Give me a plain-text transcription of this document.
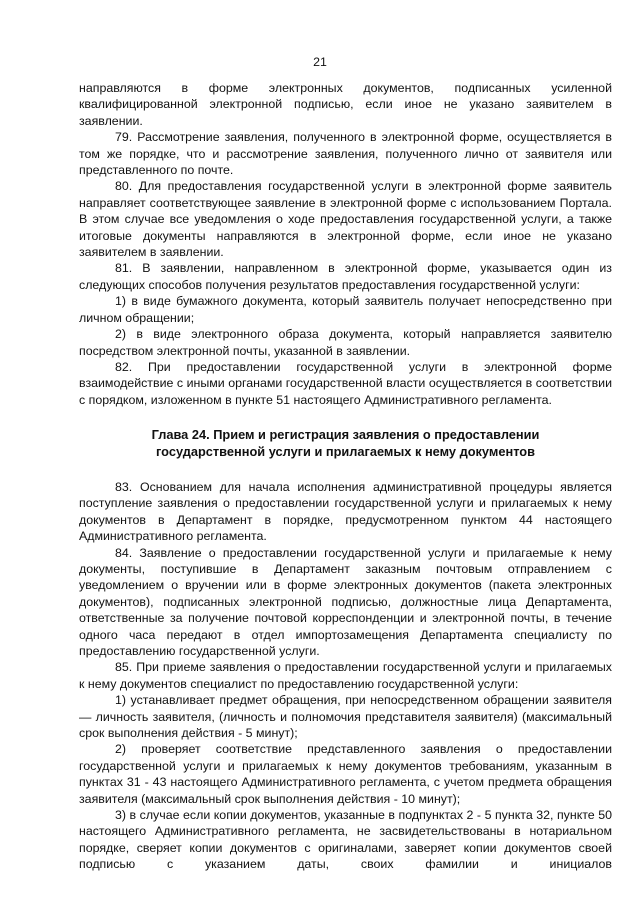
21

направляются в форме электронных документов, подписанных усиленной квалифицированной электронной подписью, если иное не указано заявителем в заявлении.

79. Рассмотрение заявления, полученного в электронной форме, осуществляется в том же порядке, что и рассмотрение заявления, полученного лично от заявителя или представленного по почте.

80. Для предоставления государственной услуги в электронной форме заявитель направляет соответствующее заявление в электронной форме с использованием Портала. В этом случае все уведомления о ходе предоставления государственной услуги, а также итоговые документы направляются в электронной форме, если иное не указано заявителем в заявлении.

81. В заявлении, направленном в электронной форме, указывается один из следующих способов получения результатов предоставления государственной услуги:

1) в виде бумажного документа, который заявитель получает непосредственно при личном обращении;

2) в виде электронного образа документа, который направляется заявителю посредством электронной почты, указанной в заявлении.

82. При предоставлении государственной услуги в электронной форме взаимодействие с иными органами государственной власти осуществляется в соответствии с порядком, изложенном в пункте 51 настоящего Административного регламента.

Глава 24. Прием и регистрация заявления о предоставлении
государственной услуги и прилагаемых к нему документов

83. Основанием для начала исполнения административной процедуры является поступление заявления о предоставлении государственной услуги и прилагаемых к нему документов в Департамент в порядке, предусмотренном пунктом 44 настоящего Административного регламента.

84. Заявление о предоставлении государственной услуги и прилагаемые к нему документы, поступившие в Департамент заказным почтовым отправлением с уведомлением о вручении или в форме электронных документов (пакета электронных документов), подписанных электронной подписью, должностные лица Департамента, ответственные за получение почтовой корреспонденции и электронной почты, в течение одного часа передают в отдел импортозамещения Департамента специалисту по предоставлению государственной услуги.

85. При приеме заявления о предоставлении государственной услуги и прилагаемых к нему документов специалист по предоставлению государственной услуги:

1) устанавливает предмет обращения, при непосредственном обращении заявителя — личность заявителя, (личность и полномочия представителя заявителя) (максимальный срок выполнения действия - 5 минут);

2) проверяет соответствие представленного заявления о предоставлении государственной услуги и прилагаемых к нему документов требованиям, указанным в пунктах 31 - 43 настоящего Административного регламента, с учетом предмета обращения заявителя (максимальный срок выполнения действия - 10 минут);

3) в случае если копии документов, указанные в подпунктах 2 - 5 пункта 32, пункте 50 настоящего Административного регламента, не засвидетельствованы в нотариальном порядке, сверяет копии документов с оригиналами, заверяет копии документов своей подписью с указанием даты, своих фамилии и инициалов
